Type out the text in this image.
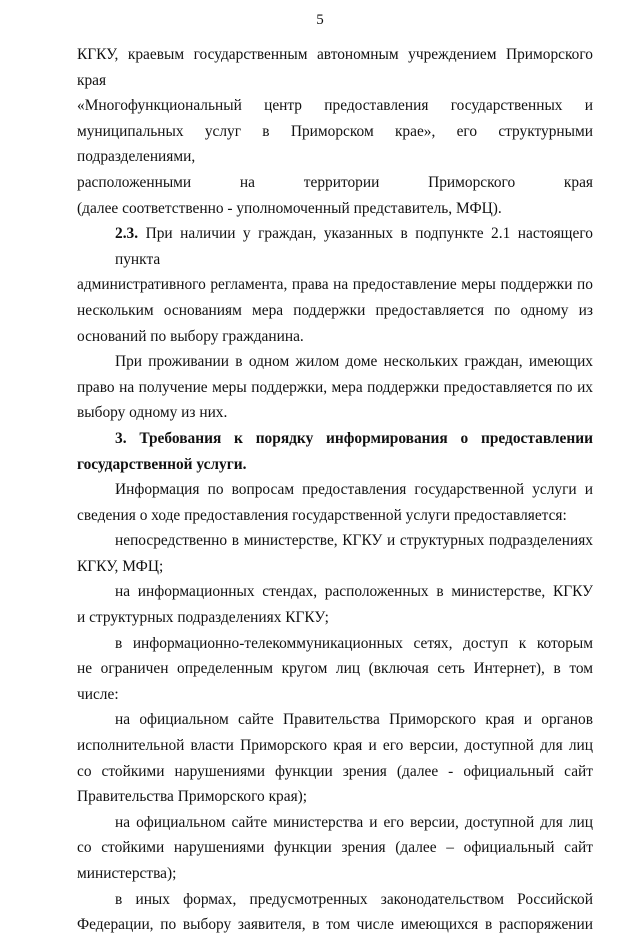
5

КГКУ, краевым государственным автономным учреждением Приморского края
«Многофункциональный центр предоставления государственных и
муниципальных услуг в Приморском крае», его структурными подразделениями,
расположенными на территории Приморского края
(далее соответственно - уполномоченный представитель, МФЦ).

2.3. При наличии у граждан, указанных в подпункте 2.1 настоящего пункта
административного регламента, права на предоставление меры поддержки по
нескольким основаниям мера поддержки предоставляется по одному из
оснований по выбору гражданина.

При проживании в одном жилом доме нескольких граждан, имеющих
право на получение меры поддержки, мера поддержки предоставляется по их
выбору одному из них.

3. Требования к порядку информирования о предоставлении
государственной услуги.

Информация по вопросам предоставления государственной услуги и
сведения о ходе предоставления государственной услуги предоставляется:

непосредственно в министерстве, КГКУ и структурных подразделениях
КГКУ, МФЦ;

на информационных стендах, расположенных в министерстве, КГКУ
и структурных подразделениях КГКУ;

в информационно-телекоммуникационных сетях, доступ к которым
не ограничен определенным кругом лиц (включая сеть Интернет), в том числе:

на официальном сайте Правительства Приморского края и органов
исполнительной власти Приморского края и его версии, доступной для лиц
со стойкими нарушениями функции зрения (далее - официальный сайт
Правительства Приморского края);

на официальном сайте министерства и его версии, доступной для лиц
со стойкими нарушениями функции зрения (далее – официальный сайт
министерства);

в иных формах, предусмотренных законодательством Российской
Федерации, по выбору заявителя, в том числе имеющихся в распоряжении
